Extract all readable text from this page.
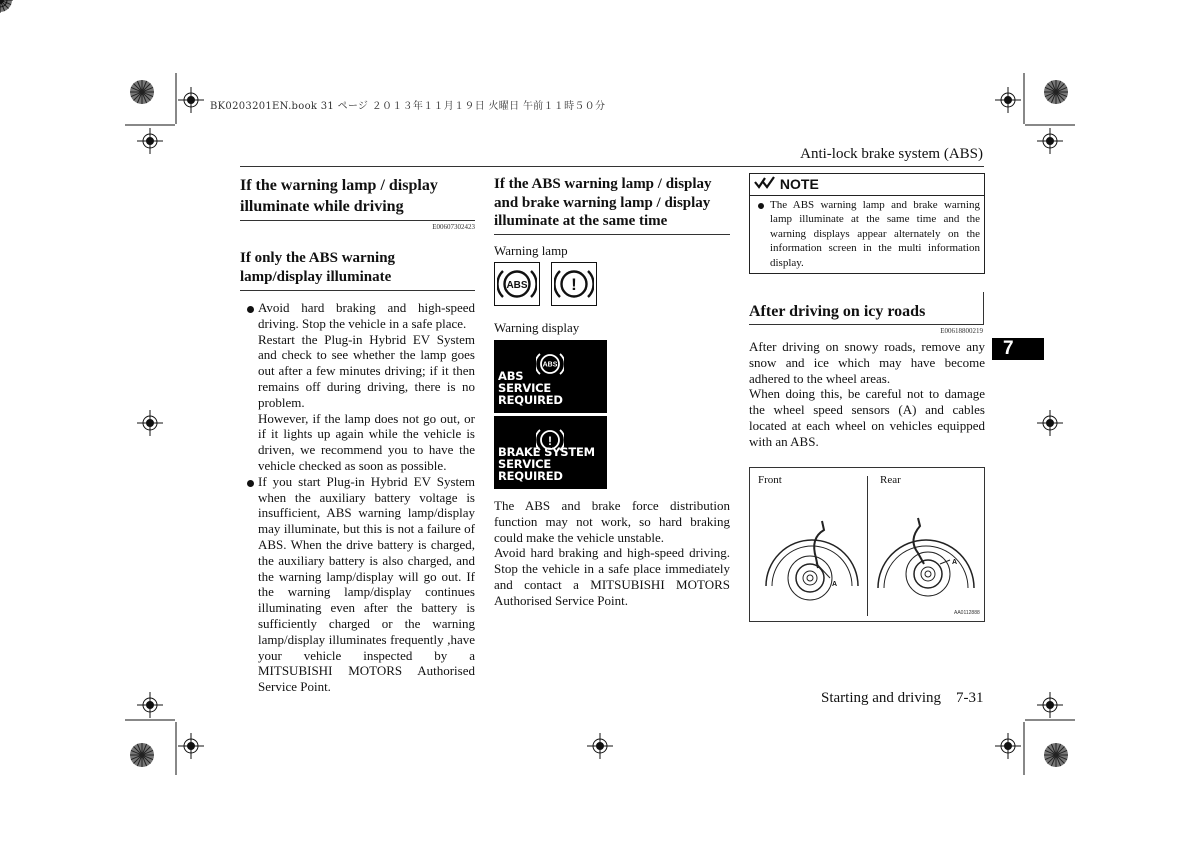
BK0203201EN.book 31 ページ ２０１３年１１月１９日 火曜日 午前１１時５０分
Anti-lock brake system (ABS)
If the warning lamp / display illuminate while driving
E00607302423
If only the ABS warning lamp/display illuminate
Avoid hard braking and high-speed driving. Stop the vehicle in a safe place.

Restart the Plug-in Hybrid EV System and check to see whether the lamp goes out after a few minutes driving; if it then remains off during driving, there is no problem.

However, if the lamp does not go out, or if it lights up again while the vehicle is driven, we recommend you to have the vehicle checked as soon as possible.

If you start Plug-in Hybrid EV System when the auxiliary battery voltage is insufficient, ABS warning lamp/display may illuminate, but this is not a failure of ABS. When the drive battery is charged, the auxiliary battery is also charged, and the warning lamp/display will go out. If the warning lamp/display continues illuminating even after the battery is sufficiently charged or the warning lamp/display illuminates frequently ,have your vehicle inspected by a MITSUBISHI MOTORS Authorised Service Point.
If the ABS warning lamp / display and brake warning lamp / display illuminate at the same time

Warning lamp

ABS
	!

Warning display

ABS
ABS
SERVICE REQUIRED
!
BRAKE SYSTEM
SERVICE REQUIRED

The ABS and brake force distribution function may not work, so hard braking could make the vehicle unstable.

Avoid hard braking and high-speed driving. Stop the vehicle in a safe place immediately and contact a MITSUBISHI MOTORS Authorised Service Point.

NOTE
The ABS warning lamp and brake warning lamp illuminate at the same time and the warning displays appear alternately on the information screen in the multi information display.
After driving on icy roads
E00618800219

After driving on snowy roads, remove any snow and ice which may have become adhered to the wheel areas.

When doing this, be careful not to damage the wheel speed sensors (A) and cables located at each wheel on vehicles equipped with an ABS.

Front	Rear
A
A
AA0112888
7
Starting and driving 7-31
